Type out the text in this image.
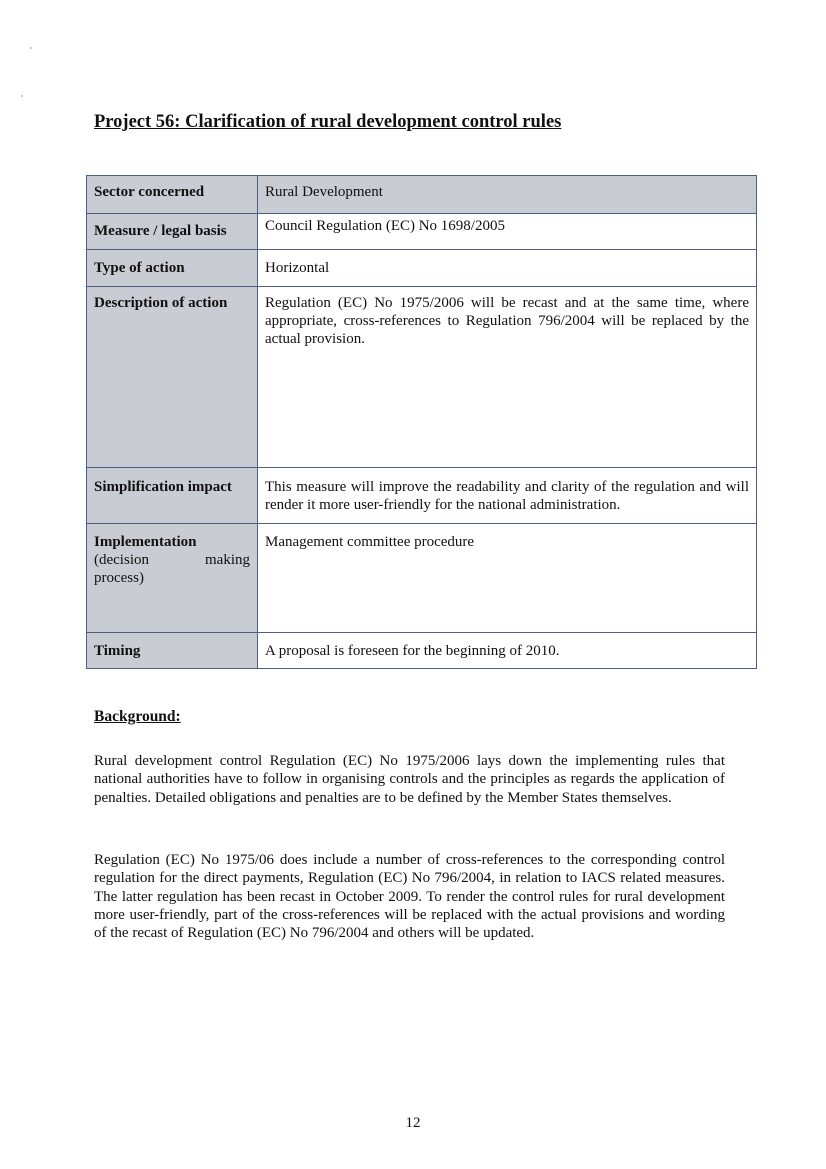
Project 56: Clarification of rural development control rules
Sector concerned	Rural Development
Measure / legal basis	Council Regulation (EC) No 1698/2005
Type of action	Horizontal
Description of action	Regulation (EC) No 1975/2006 will be recast and at the same time, where appropriate, cross-references to Regulation 796/2004 will be replaced by the actual provision.
Simplification impact	This measure will improve the readability and clarity of the regulation and will render it more user-friendly for the national administration.

Implementation
(decision making
process)	Management committee procedure
Timing	A proposal is foreseen for the beginning of 2010.
Background:

Rural development control Regulation (EC) No 1975/2006 lays down the implementing rules that national authorities have to follow in organising controls and the principles as regards the application of penalties. Detailed obligations and penalties are to be defined by the Member States themselves.

Regulation (EC) No 1975/06 does include a number of cross-references to the corresponding control regulation for the direct payments, Regulation (EC) No 796/2004, in relation to IACS related measures. The latter regulation has been recast in October 2009. To render the control rules for rural development more user-friendly, part of the cross-references will be replaced with the actual provisions and wording of the recast of Regulation (EC) No 796/2004 and others will be updated.

12
